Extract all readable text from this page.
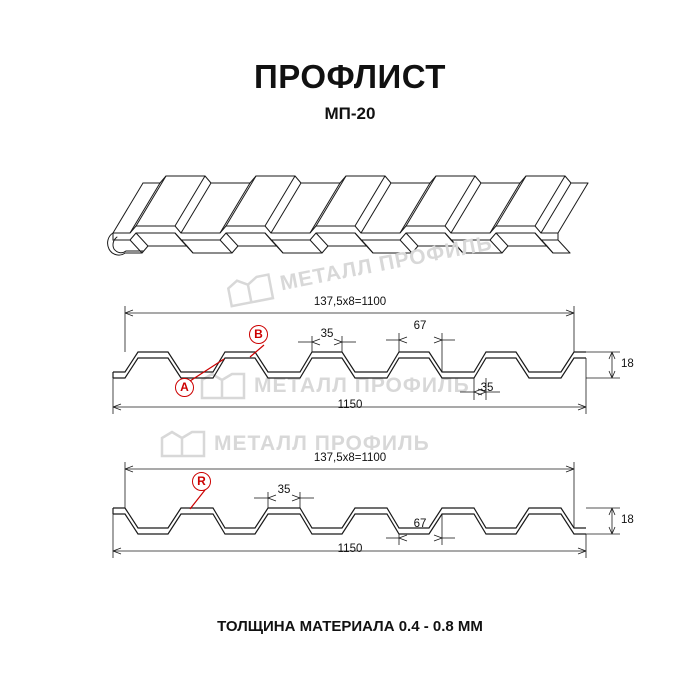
ПРОФЛИСТ
МП-20
МЕТАЛЛ ПРОФИЛЬ
МЕТАЛЛ ПРОФИЛЬ
МЕТАЛЛ ПРОФИЛЬ
137,5х8=1100
1150
18
35
67
35
A
B
137,5х8=1100
1150
18
35
67
R
ТОЛЩИНА МАТЕРИАЛА 0.4 - 0.8 ММ
